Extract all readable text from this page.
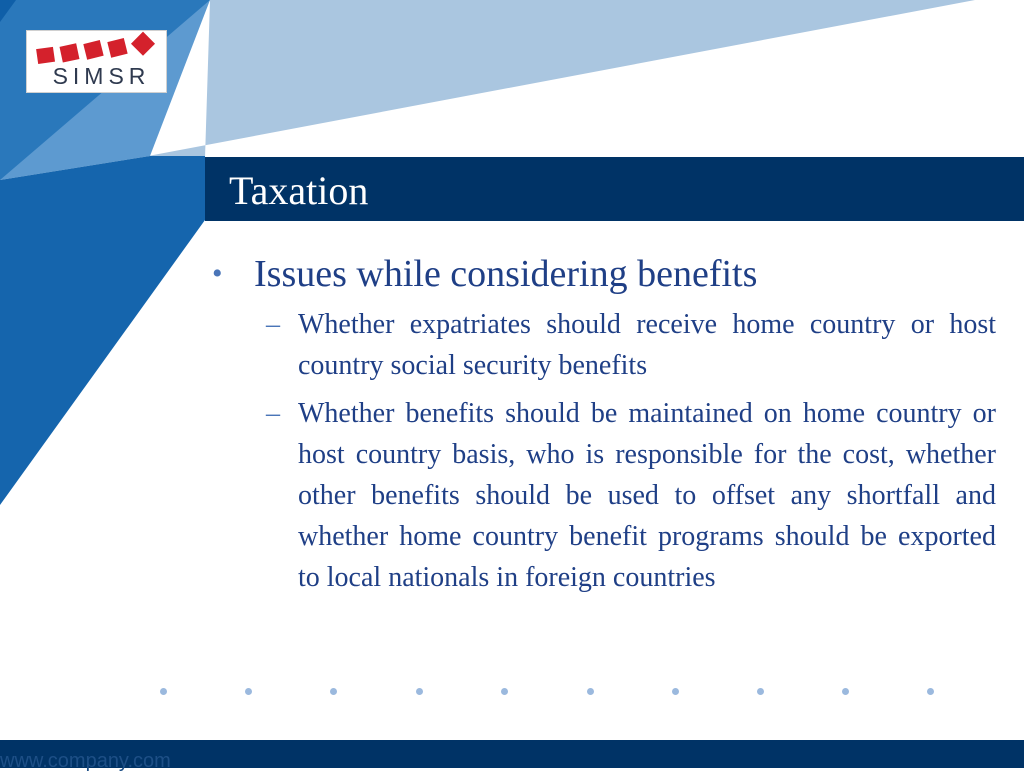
SIMSR
Taxation
• Issues while considering benefits
– Whether expatriates should receive home country or host country social security benefits
– Whether benefits should be maintained on home country or host country basis, who is responsible for the cost, whether other benefits should be used to offset any shortfall and whether home country benefit programs should be exported to local nationals in foreign countries
www.company.com
